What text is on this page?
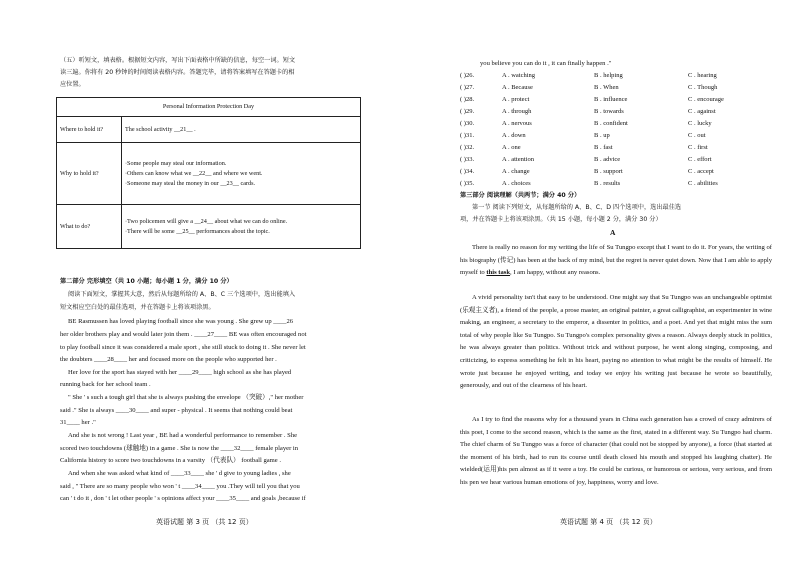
（五）听短文，填表格。根据短文内容，写出下面表格中所缺的信息，每空一词。短文
读三遍。你将有 20 秒钟的时间阅读表格内容。答题完毕，请将答案填写在答题卡的相
应位置。
Personal Information Protection Day	
Where to hold it?	The school activity __21__ .
Why to hold it?	·Some people may steal our information.
·Others can know what we __22__ and where we went.
·Someone may steal the money in our __23__ cards.

What to do?	·Two policemen will give a __24__ about what we can do online.
·There will be some __25__ performances about the topic.
第二部分 完形填空（共 10 小题；每小题 1 分，满分 10 分）
阅读下面短文，掌握其大意，然后从每题所给的 A、B、C 三个选项中，选出能填入
短文相应空白处的最佳选项，并在答题卡上将该项涂黑。
BE Rasmussen has loved playing football since she was young . She grew up ____26
her older brothers play and would later join them . ____27____ BE was often encouraged not
to play football since it was considered a male sport , she still stuck to doing it . She never let
the doubters ____28____ her and focused more on the people who supported her .
Her love for the sport has stayed with her ____29____ high school as she has played
running back for her school team .
" She ' s such a tough girl that she is always pushing the envelope （突破）," her mother
said ." She is always ____30____ and super - physical . It seems that nothing could beat
31____ her ."
And she is not wrong ! Last year , BE had a wonderful performance to remember . She
scored two touchdowns (球触地) in a game . She is now the ____32____ female player in
California history to score two touchdowns in a varsity （代表队） football game .
And when she was asked what kind of ____33____ she ' d give to young ladies , she
said , " There are so many people who won ' t ____34____ you .They will tell you that you
can ' t do it , don ' t let other people ' s opinions affect your ____35____ and goals ,because if
英语试题 第 3 页 （共 12 页）
you believe you can do it , it can finally happen ."
( )26.	A . watching	B . helping	C . hearing
( )27.	A . Because	B . When	C . Though
( )28.	A . protect	B . influence	C . encourage
( )29.	A . through	B . towards	C . against
( )30.	A . nervous	B . confident	C . lucky
( )31.	A . down	B . up	C . out
( )32.	A . one	B . fast	C . first
( )33.	A . attention	B . advice	C . effort
( )34.	A . change	B . support	C . accept
( )35.	A . choices	B . results	C . abilities
第三部分 阅读理解（共两节；满分 40 分）
第一节 阅读下列短文，从每题所给的 A、B、C、D 四个选项中，选出最佳选
项，并在答题卡上将该项涂黑。（共 15 小题，每小题 2 分，满分 30 分）
A
There is really no reason for my writing the life of Su Tungpo except that I want to do it. For years, the writing of his biography (传记) has been at the back of my mind, but the regret is never quiet down. Now that I am able to apply myself to this task, I am happy, without any reasons.
A vivid personality isn't that easy to be understood. One might say that Su Tungpo was an unchangeable optimist (乐观主义者), a friend of the people, a prose master, an original painter, a great calligraphist, an experimenter in wine making, an engineer, a secretary to the emperor, a dissenter in politics, and a poet. And yet that might miss the sum total of why people like Su Tungpo. Su Tungpo's complex personality gives a reason. Always deeply stuck in politics, he was always greater than politics. Without trick and without purpose, he went along singing, composing, and criticizing, to express something he felt in his heart, paying no attention to what might be the results of himself. He wrote just because he enjoyed writing, and today we enjoy his writing just because he wrote so beautifully, generously, and out of the clearness of his heart.
As I try to find the reasons why for a thousand years in China each generation has a crowd of crazy admirers of this poet, I come to the second reason, which is the same as the first, stated in a different way. Su Tungpo had charm. The chief charm of Su Tungpo was a force of character (that could not be stopped by anyone), a force (that started at the moment of his birth, had to run its course until death closed his mouth and stopped his laughing chatter). He wielded(运用)his pen almost as if it were a toy. He could be curious, or humorous or serious, very serious, and from his pen we hear various human emotions of joy, happiness, worry and love.
英语试题 第 4 页 （共 12 页）
